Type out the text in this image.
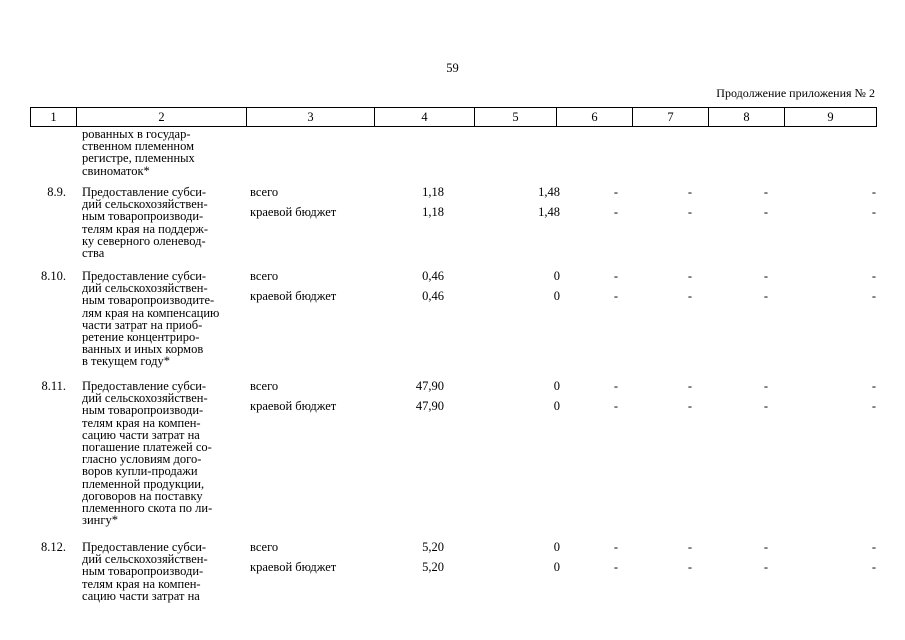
59
Продолжение приложения № 2
1	2	3	4	5	6	7	8	9
рованных в государ-
ственном племенном
регистре, племенных
свиноматок*
8.9. Предоставление субси-
дий сельскохозяйствен-
ным товаропроизводи-
телям края на поддерж-
ку северного оленевод-
ства
всего	1,18	1,48	-	-	-	-
краевой бюджет	1,18	1,48	-	-	-	-
8.10. Предоставление субси-
дий сельскохозяйствен-
ным товаропроизводите-
лям края на компенсацию
части затрат на приоб-
ретение концентриро-
ванных и иных кормов
в текущем году*
всего	0,46	0	-	-	-	-
краевой бюджет	0,46	0	-	-	-	-
8.11. Предоставление субси-
дий сельскохозяйствен-
ным товаропроизводи-
телям края на компен-
сацию части затрат на
погашение платежей со-
гласно условиям дого-
воров купли-продажи
племенной продукции,
договоров на поставку
племенного скота по ли-
зингу*
всего	47,90	0	-	-	-	-
краевой бюджет	47,90	0	-	-	-	-
8.12. Предоставление субси-
дий сельскохозяйствен-
ным товаропроизводи-
телям края на компен-
сацию части затрат на
всего	5,20	0	-	-	-	-
краевой бюджет	5,20	0	-	-	-	-
